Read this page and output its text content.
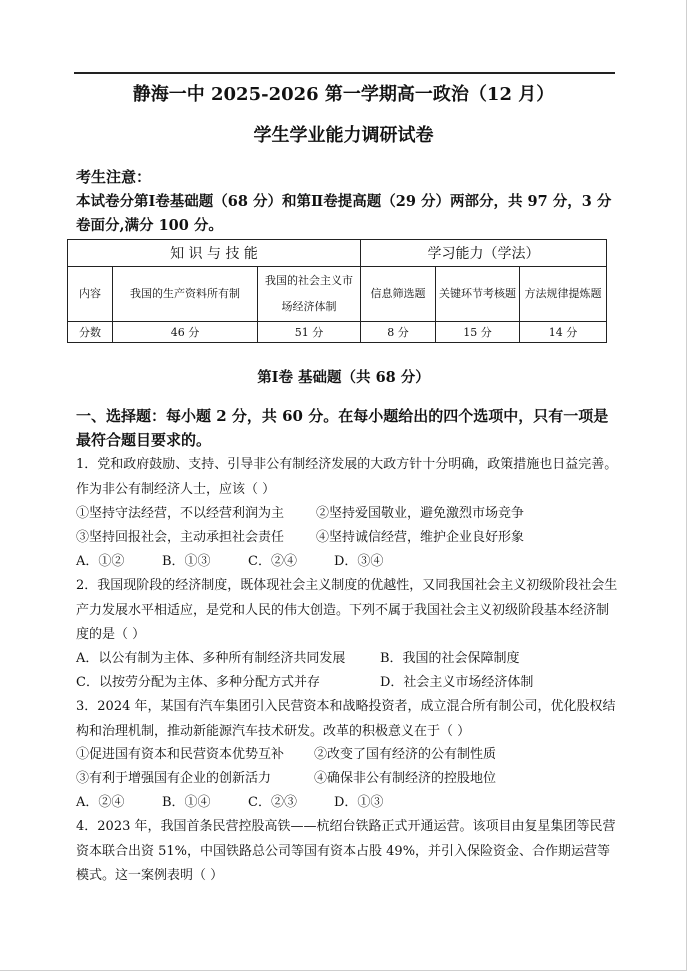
静海一中 2025-2026 第一学期高一政治（12 月）
学生学业能力调研试卷
考生注意：
本试卷分第Ⅰ卷基础题（68 分）和第Ⅱ卷提高题（29 分）两部分，共 97 分，3 分卷面分,满分 100 分。
知 识 与 技 能			学习能力（学法）		
内容	我国的生产资料所有制	我国的社会主义市场经济体制	信息筛选题	关键环节考核题	方法规律提炼题
分数	46 分	51 分	8 分	15 分	14 分
第Ⅰ卷 基础题（共 68 分）
一、选择题：每小题 2 分，共 60 分。在每小题给出的四个选项中，只有一项是最符合题目要求的。
1．党和政府鼓励、支持、引导非公有制经济发展的大政方针十分明确，政策措施也日益完善。作为非公有制经济人士，应该（ ）
①坚持守法经营，不以经营利润为主 ②坚持爱国敬业，避免激烈市场竞争
③坚持回报社会，主动承担社会责任 ④坚持诚信经营，维护企业良好形象
A．①②	B．①③	C．②④	D．③④
2．我国现阶段的经济制度，既体现社会主义制度的优越性，又同我国社会主义初级阶段社会生产力发展水平相适应，是党和人民的伟大创造。下列不属于我国社会主义初级阶段基本经济制度的是（ ）
A．以公有制为主体、多种所有制经济共同发展	B．我国的社会保障制度
C．以按劳分配为主体、多种分配方式并存	D．社会主义市场经济体制
3．2024 年，某国有汽车集团引入民营资本和战略投资者，成立混合所有制公司，优化股权结构和治理机制，推动新能源汽车技术研发。改革的积极意义在于（ ）
①促进国有资本和民营资本优势互补 ②改变了国有经济的公有制性质
③有利于增强国有企业的创新活力	④确保非公有制经济的控股地位
A．②④	B．①④	C．②③	D．①③
4．2023 年，我国首条民营控股高铁——杭绍台铁路正式开通运营。该项目由复星集团等民营资本联合出资 51%，中国铁路总公司等国有资本占股 49%，并引入保险资金、合作期运营等模式。这一案例表明（ ）
